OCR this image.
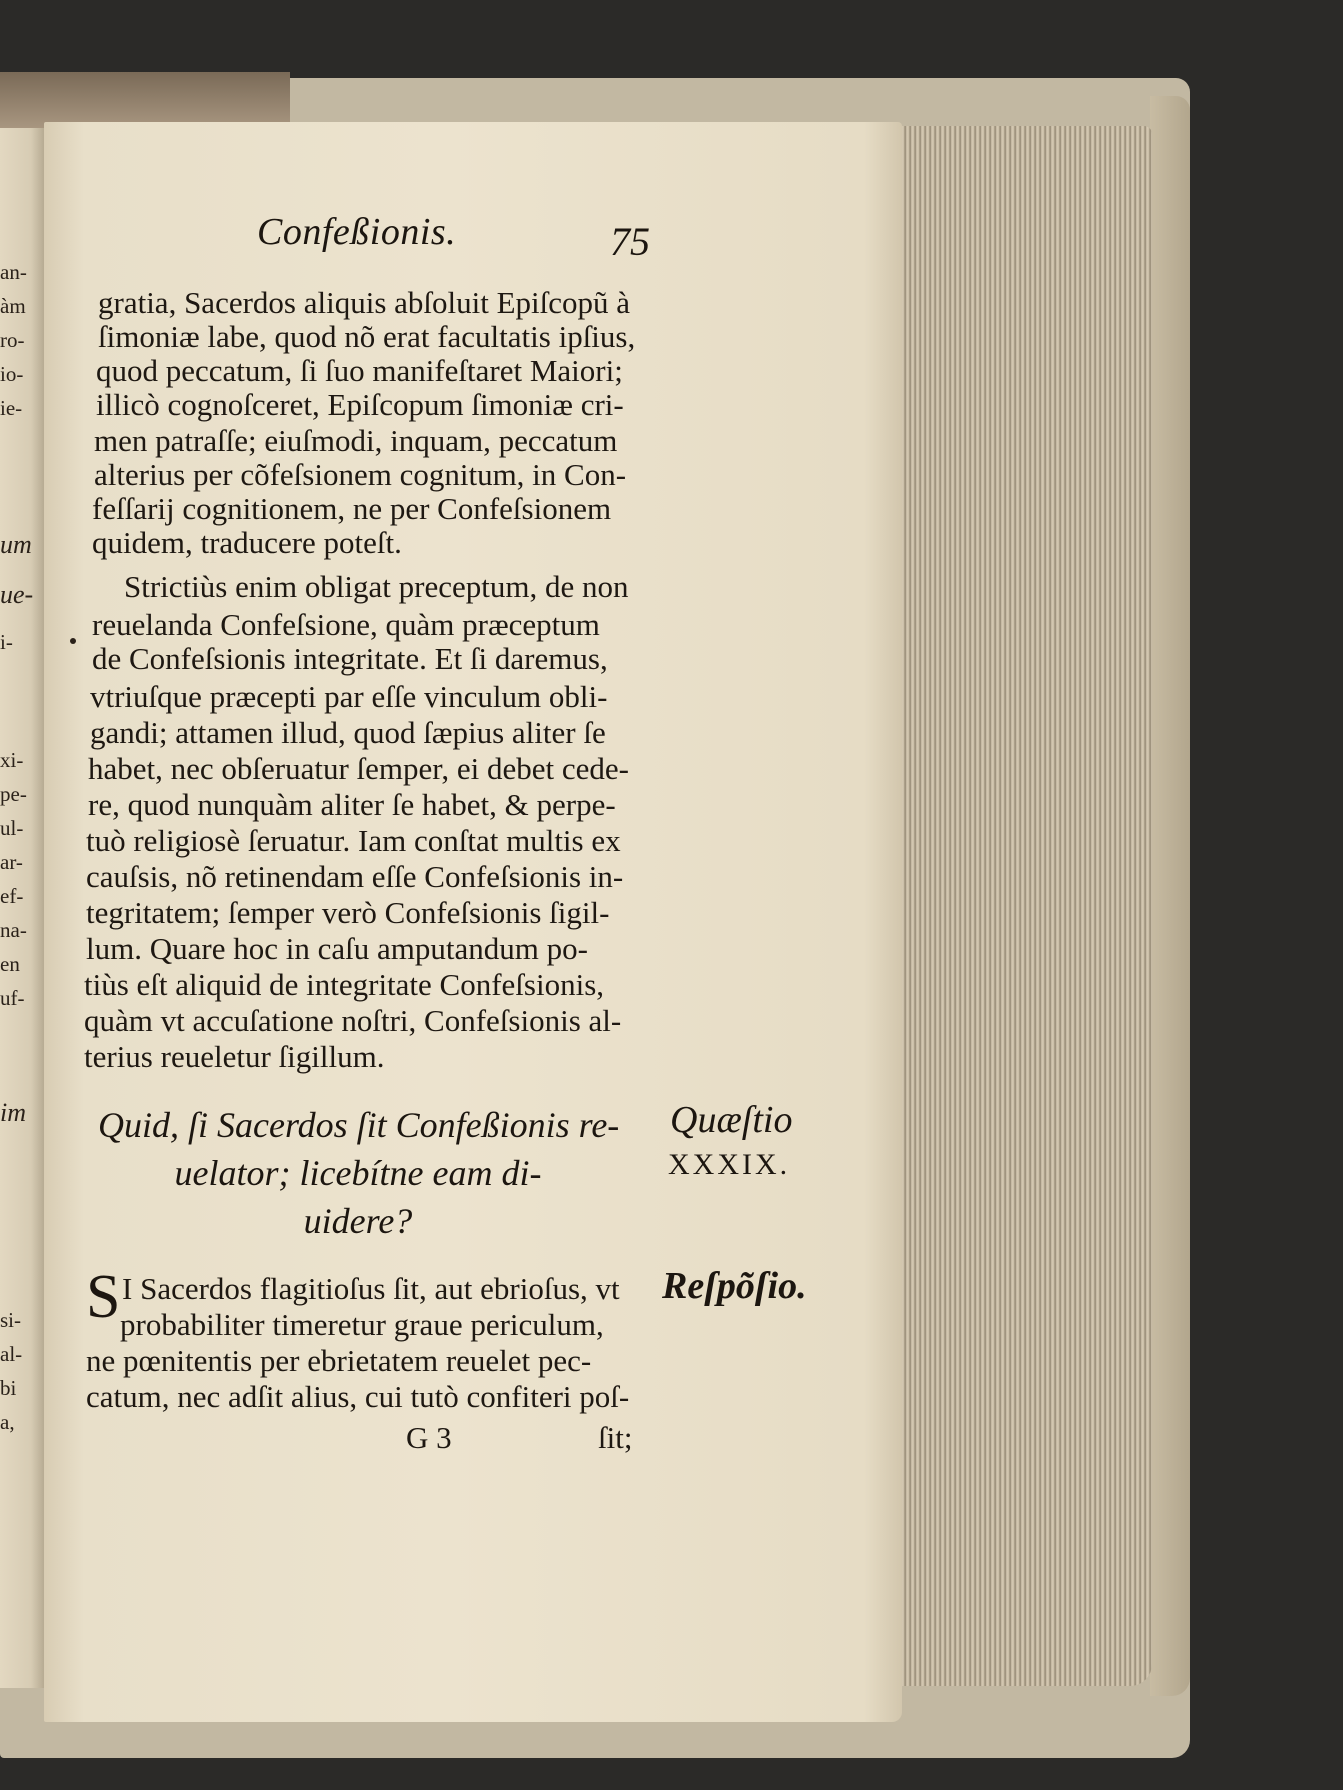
an-
àm
ro-
io-
ie-
um
ue-
i-
xi-
pe-
ul-
ar-
ef-
na-
en
uf-
im
si-
al-
bi
a,
Confeßionis.	75
gratia, Sacerdos aliquis abſoluit Epiſcopũ à
ſimoniæ labe, quod nõ erat facultatis ipſius,
quod peccatum, ſi ſuo manifeſtaret Maiori;
illicò cognoſceret, Epiſcopum ſimoniæ cri-
men patraſſe; eiuſmodi, inquam, peccatum
alterius per cõfeſsionem cognitum, in Con-
feſſarij cognitionem, ne per Confeſsionem
quidem, traducere poteſt.
Strictiùs enim obligat preceptum, de non
reuelanda Confeſsione, quàm præceptum
de Confeſsionis integritate. Et ſi daremus,
vtriuſque præcepti par eſſe vinculum obli-
gandi; attamen illud, quod ſæpius aliter ſe
habet, nec obſeruatur ſemper, ei debet cede-
re, quod nunquàm aliter ſe habet, & perpe-
tuò religiosè ſeruatur. Iam conſtat multis ex
cauſsis, nõ retinendam eſſe Confeſsionis in-
tegritatem; ſemper verò Confeſsionis ſigil-
lum. Quare hoc in caſu amputandum po-
tiùs eſt aliquid de integritate Confeſsionis,
quàm vt accuſatione noſtri, Confeſsionis al-
terius reueletur ſigillum.
Quid, ſi Sacerdos ſit Confeßionis re-
uelator; licebítne eam di-
uidere?
Quæſtio
XXXIX.
Reſpõſio.
S I Sacerdos flagitioſus ſit, aut ebrioſus, vt
probabiliter timeretur graue periculum,
ne pœnitentis per ebrietatem reuelet pec-
catum, nec adſit alius, cui tutò confiteri poſ-
G 3	ſit;
